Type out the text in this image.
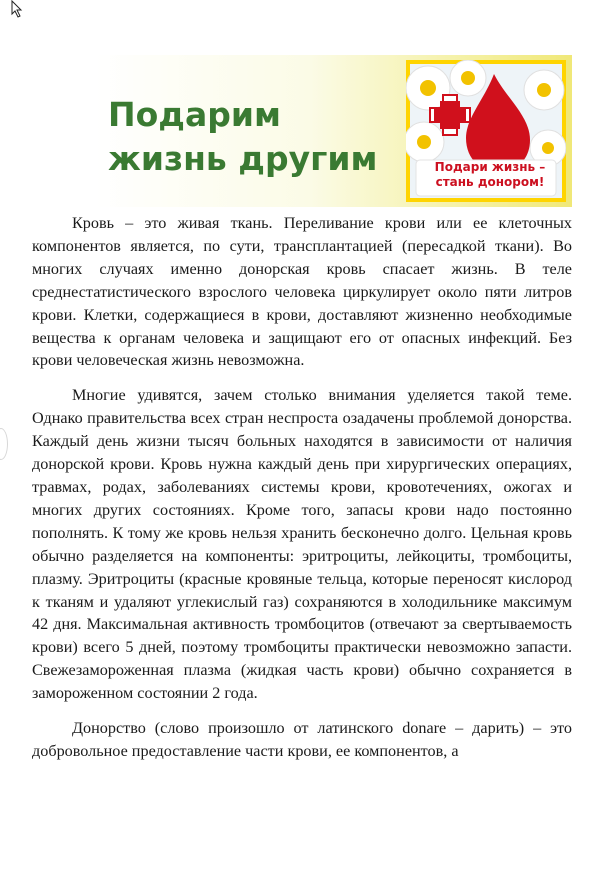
Подарим
жизнь другим	Подари жизнь –
стань донором!

Кровь – это живая ткань. Переливание крови или ее клеточных компонентов является, по сути, трансплантацией (пересадкой ткани). Во многих случаях именно донорская кровь спасает жизнь. В теле среднестатистического взрослого человека циркулирует около пяти литров крови. Клетки, содержащиеся в крови, доставляют жизненно необходимые вещества к органам человека и защищают его от опасных инфекций. Без крови человеческая жизнь невозможна.

Многие удивятся, зачем столько внимания уделяется такой теме. Однако правительства всех стран неспроста озадачены проблемой донорства. Каждый день жизни тысяч больных находятся в зависимости от наличия донорской крови. Кровь нужна каждый день при хирургических операциях, травмах, родах, заболеваниях системы крови, кровотечениях, ожогах и многих других состояниях. Кроме того, запасы крови надо постоянно пополнять. К тому же кровь нельзя хранить бесконечно долго. Цельная кровь обычно разделяется на компоненты: эритроциты, лейкоциты, тромбоциты, плазму. Эритроциты (красные кровяные тельца, которые переносят кислород к тканям и удаляют углекислый газ) сохраняются в холодильнике максимум 42 дня. Максимальная активность тромбоцитов (отвечают за свертываемость крови) всего 5 дней, поэтому тромбоциты практически невозможно запасти. Свежезамороженная плазма (жидкая часть крови) обычно сохраняется в замороженном состоянии 2 года.

Донорство (слово произошло от латинского donare – дарить) – это добровольное предоставление части крови, ее компонентов, а
